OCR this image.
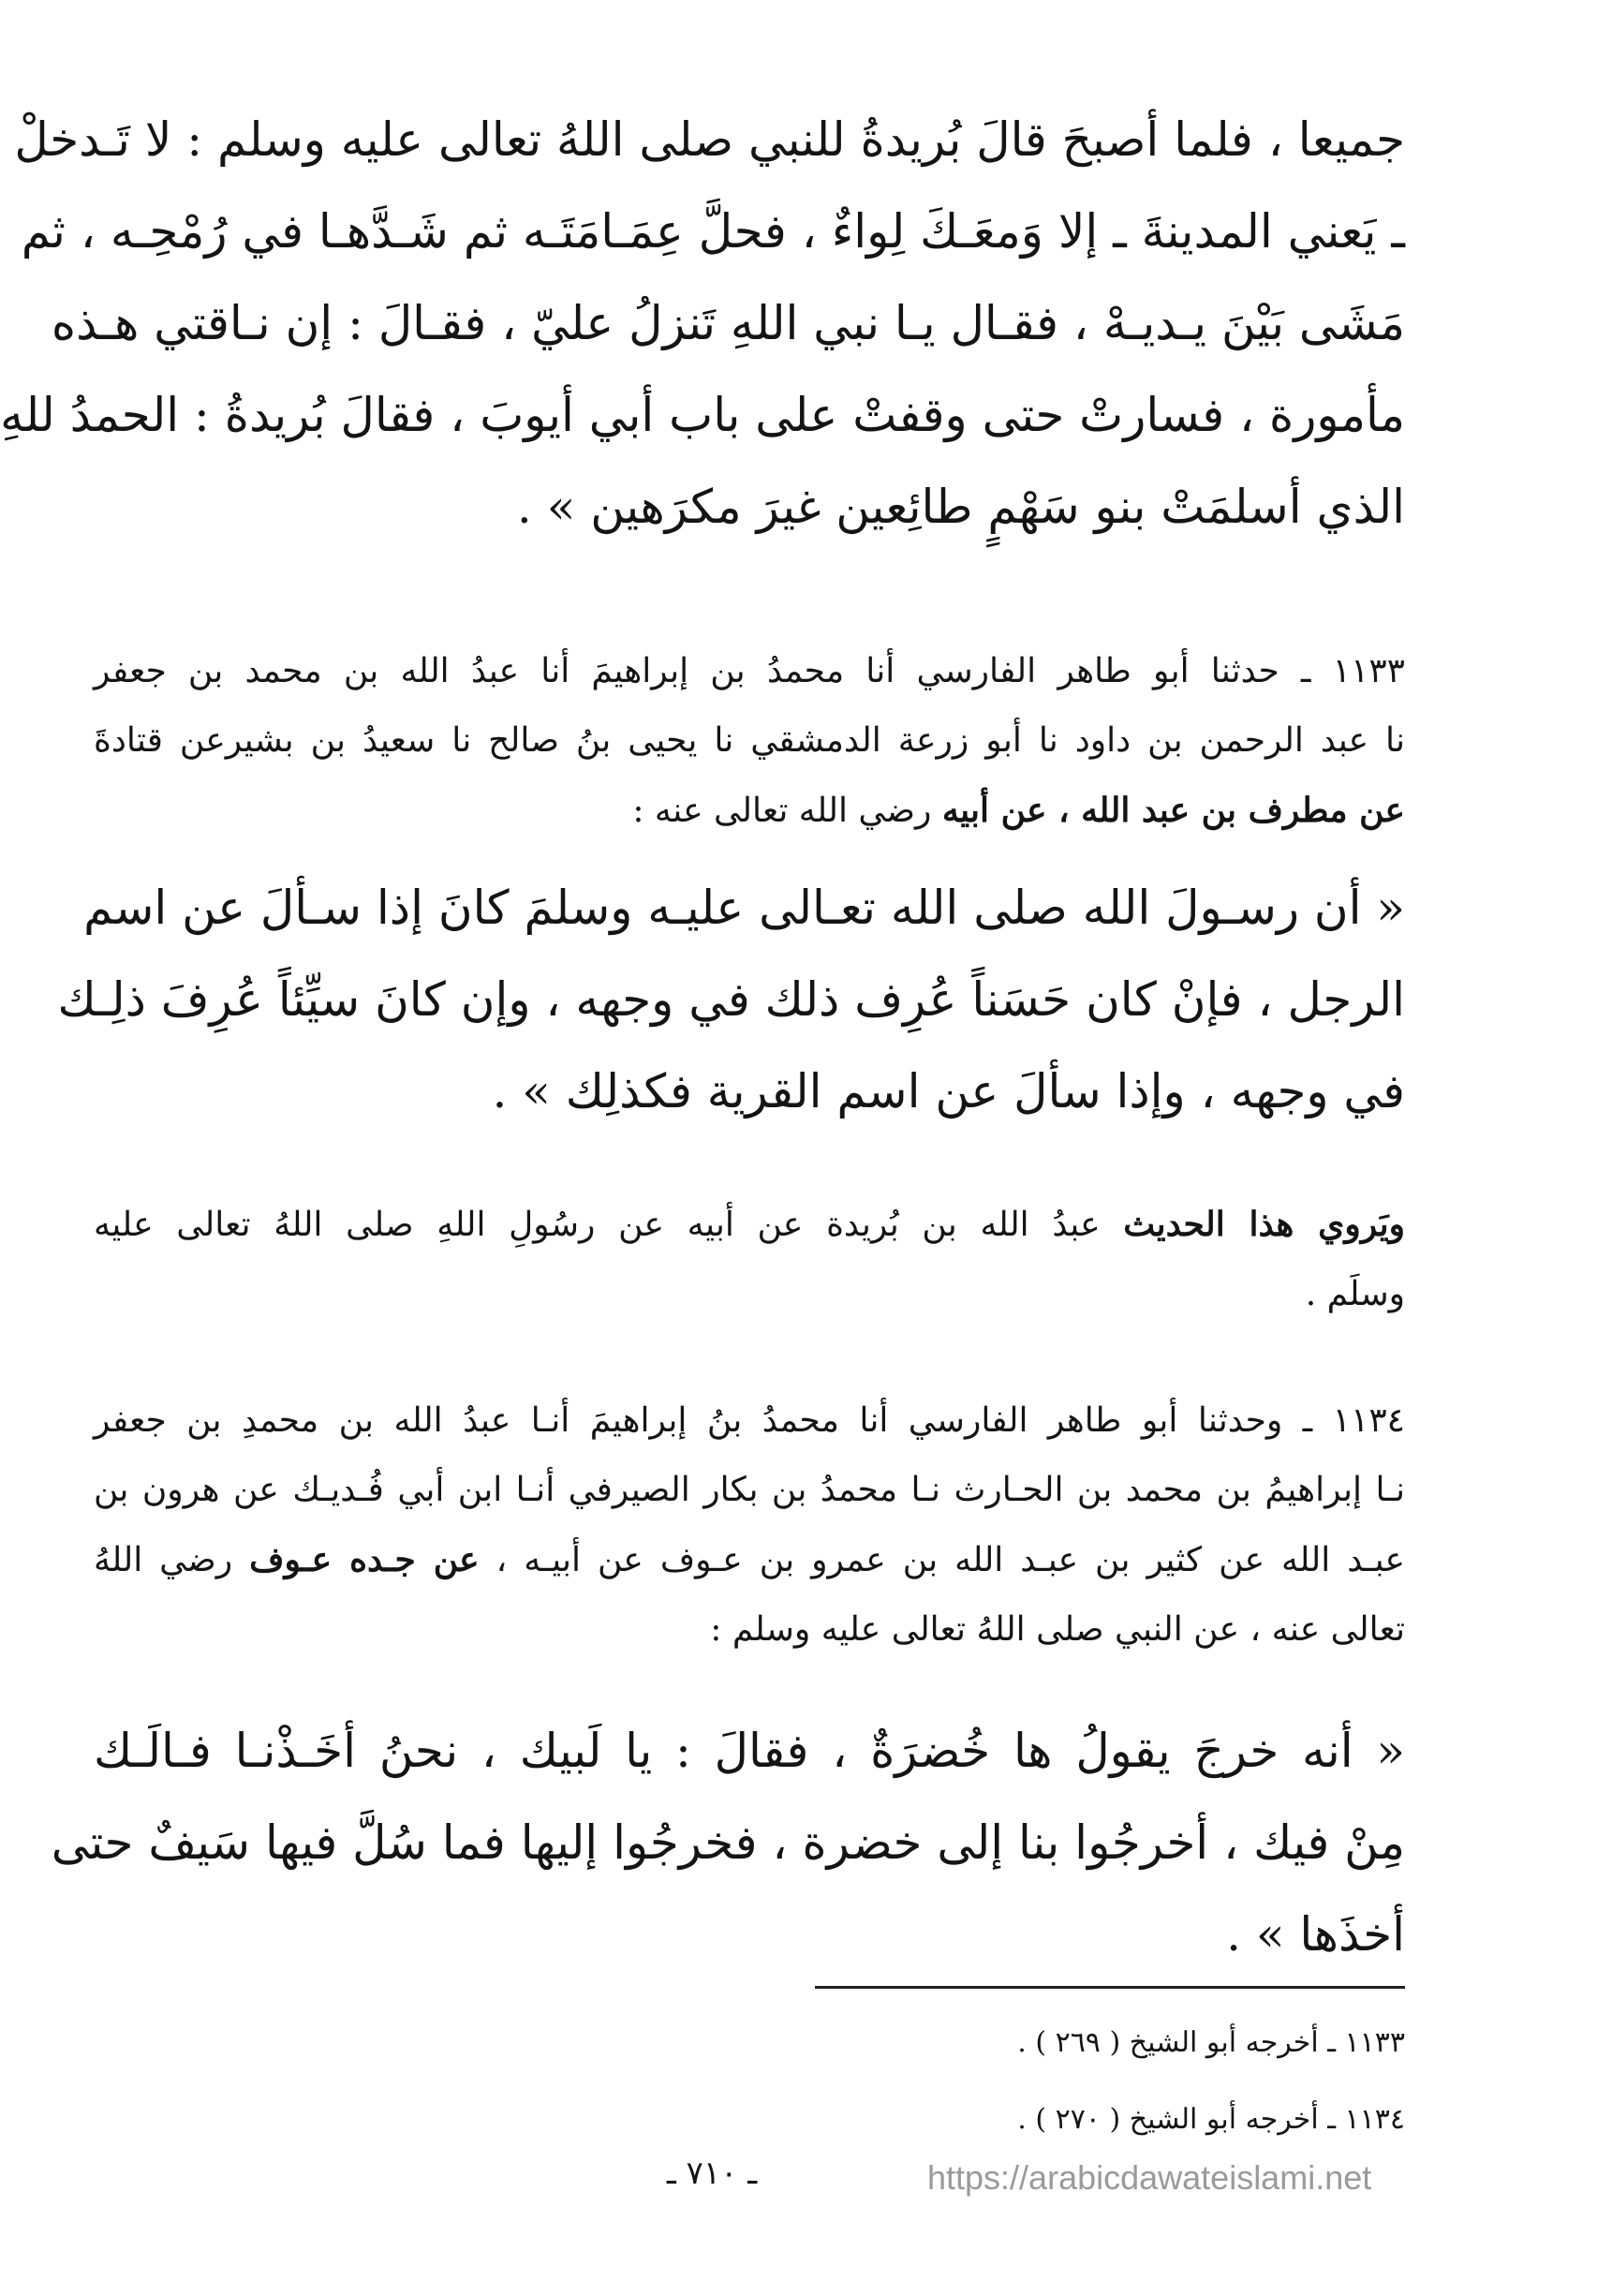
جميعا ، فلما أصبحَ قالَ بُريدةُ للنبي صلى اللهُ تعالى عليه وسلم : لا تَـدخلْ
ـ يَعني المدينةَ ـ إلا وَمعَـكَ لِواءٌ ، فحلَّ عِمَـامَتَـه ثم شَـدَّهـا في رُمْحِـه ، ثم
مَشَى بَيْنَ يـديـهْ ، فقـال يـا نبي اللهِ تَنزلُ عليّ ، فقـالَ : إن نـاقتي هـذه
مأمورة ، فسارتْ حتى وقفتْ على باب أبي أيوبَ ، فقالَ بُريدةُ : الحمدُ للهِ
الذي أسلمَتْ بنو سَهْمٍ طائِعين غيرَ مكرَهين » .
١١٣٣ ـ حدثنا أبو طاهر الفارسي أنا محمدُ بن إبراهيمَ أنا عبدُ الله بن محمد بن جعفر
نا عبد الرحمن بن داود نا أبو زرعة الدمشقي نا يحيى بنُ صالح نا سعيدُ بن بشيرعن قتادةَ
عن مطرف بن عبد الله ، عن أبيه رضي الله تعالى عنه :
« أن رسـولَ الله صلى الله تعـالى عليـه وسلمَ كانَ إذا سـألَ عن اسم
الرجل ، فإنْ كان حَسَناً عُرِف ذلك في وجهه ، وإن كانَ سيِّئاً عُرِفَ ذلِـك
في وجهه ، وإذا سألَ عن اسم القرية فكذلِك » .
ويَروي هذا الحديث عبدُ الله بن بُريدة عن أبيه عن رسُولِ اللهِ صلى اللهُ تعالى عليه
وسلَم .
١١٣٤ ـ وحدثنا أبو طاهر الفارسي أنا محمدُ بنُ إبراهيمَ أنـا عبدُ الله بن محمدِ بن جعفر
نـا إبراهيمُ بن محمد بن الحـارث نـا محمدُ بن بكار الصيرفي أنـا ابن أبي فُـديـك عن هرون بن
عبـد الله عن كثير بن عبـد الله بن عمرو بن عـوف عن أبيـه ، عن جـده عـوف رضي اللهُ
تعالى عنه ، عن النبي صلى اللهُ تعالى عليه وسلم :
« أنه خرجَ يقولُ ها خُضرَةٌ ، فقالَ : يا لَبيك ، نحنُ أخَـذْنـا فـالَـك
مِنْ فيك ، أخرجُوا بنا إلى خضرة ، فخرجُوا إليها فما سُلَّ فيها سَيفٌ حتى
أخذَها » .
١١٣٣ ـ أخرجه أبو الشيخ ( ٢٦٩ ) .
١١٣٤ ـ أخرجه أبو الشيخ ( ٢٧٠ ) .
ـ ٧١٠ ـ	https://arabicdawateislami.net
